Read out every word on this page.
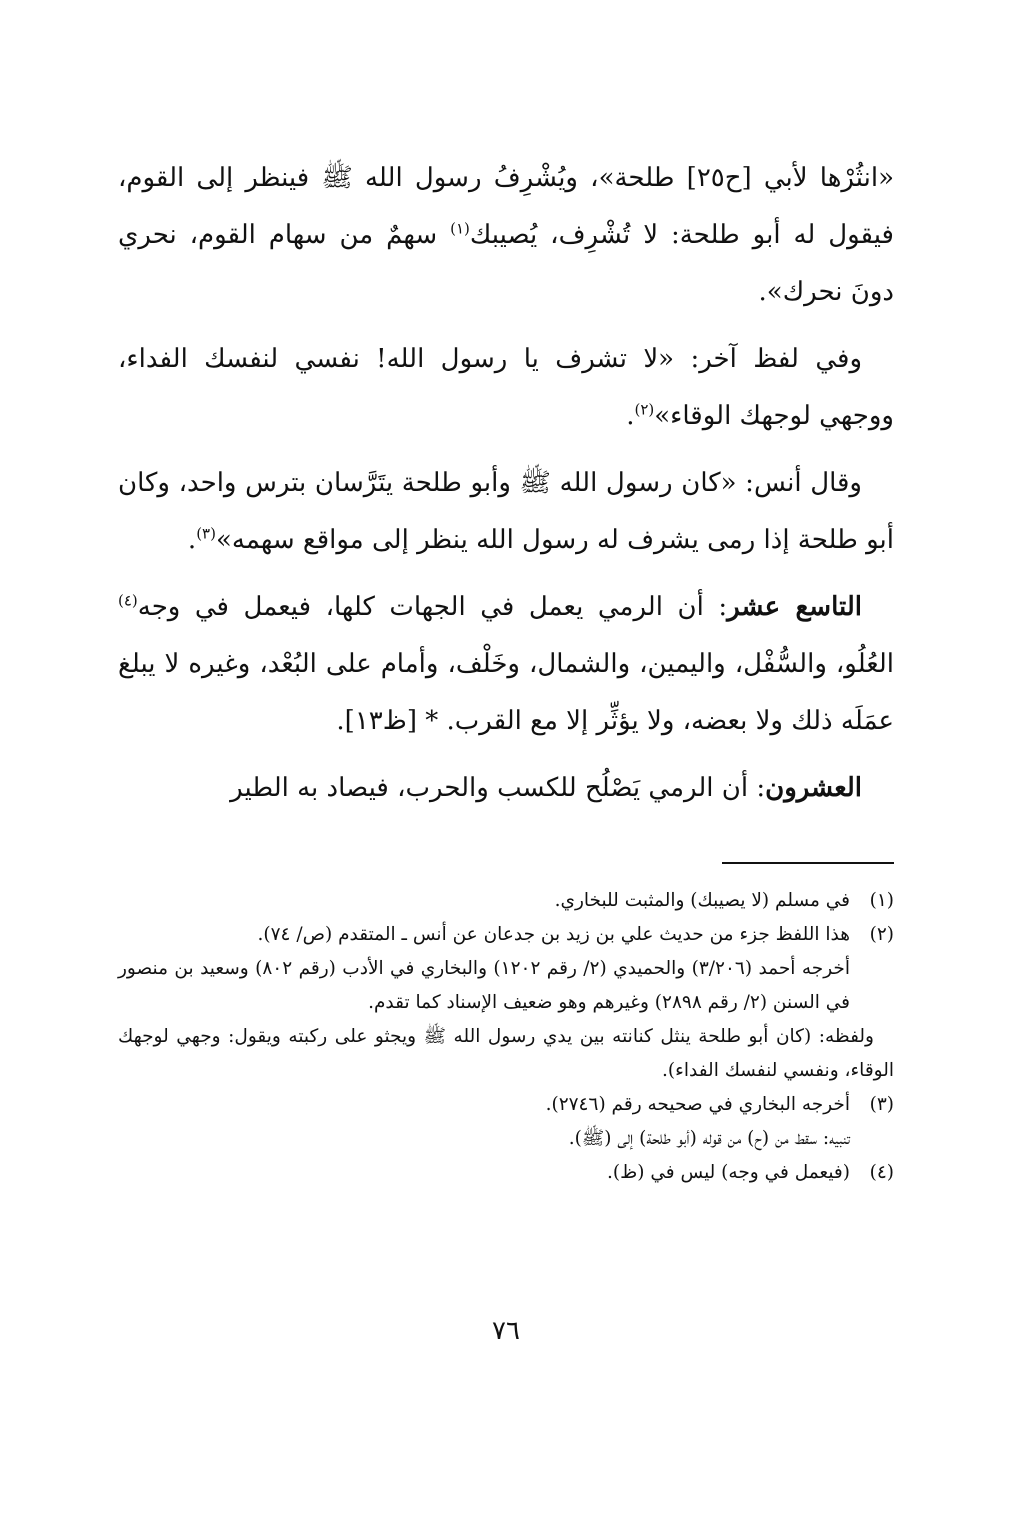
«انثُرْها لأبي [ح٢٥] طلحة»، ويُشْرِفُ رسول الله ﷺ فينظر إلى القوم، فيقول له أبو طلحة: لا تُشْرِف، يُصيبك$^{(١)}$ سهمٌ من سهام القوم، نحري دونَ نحرك».

وفي لفظ آخر: «لا تشرف يا رسول الله! نفسي لنفسك الفداء، ووجهي لوجهك الوقاء»$^{(٢)}$.

وقال أنس: «كان رسول الله ﷺ وأبو طلحة يتَرَّسان بترس واحد، وكان أبو طلحة إذا رمى يشرف له رسول الله ينظر إلى مواقع سهمه»$^{(٣)}$.

التاسع عشر: أن الرمي يعمل في الجهات كلها، فيعمل في وجه$^{(٤)}$ العُلُو، والسُّفْل، واليمين، والشمال، وخَلْف، وأمام على البُعْد، وغيره لا يبلغ عمَلَه ذلك ولا بعضه، ولا يؤثِّر إلا مع القرب. * [ظ١٣].

العشرون: أن الرمي يَصْلُح للكسب والحرب، فيصاد به الطير

(١)
في مسلم (لا يصيبك) والمثبت للبخاري.
(٢)
هذا اللفظ جزء من حديث علي بن زيد بن جدعان عن أنس ـ المتقدم (ص/ ٧٤).

أخرجه أحمد (٣/٢٠٦) والحميدي (٢/ رقم ١٢٠٢) والبخاري في الأدب (رقم ٨٠٢) وسعيد بن منصور في السنن (٢/ رقم ٢٨٩٨) وغيرهم وهو ضعيف الإسناد كما تقدم.

ولفظه: (كان أبو طلحة ينثل كنانته بين يدي رسول الله ﷺ ويجثو على ركبته ويقول: وجهي لوجهك الوقاء، ونفسي لنفسك الفداء).

(٣)
أخرجه البخاري في صحيحه رقم (٢٧٤٦).

تنبيه: سقط من (ح) من قوله (أبو طلحة) إلى (ﷺ).

(٤)
(فيعمل في وجه) ليس في (ظ).
٧٦
